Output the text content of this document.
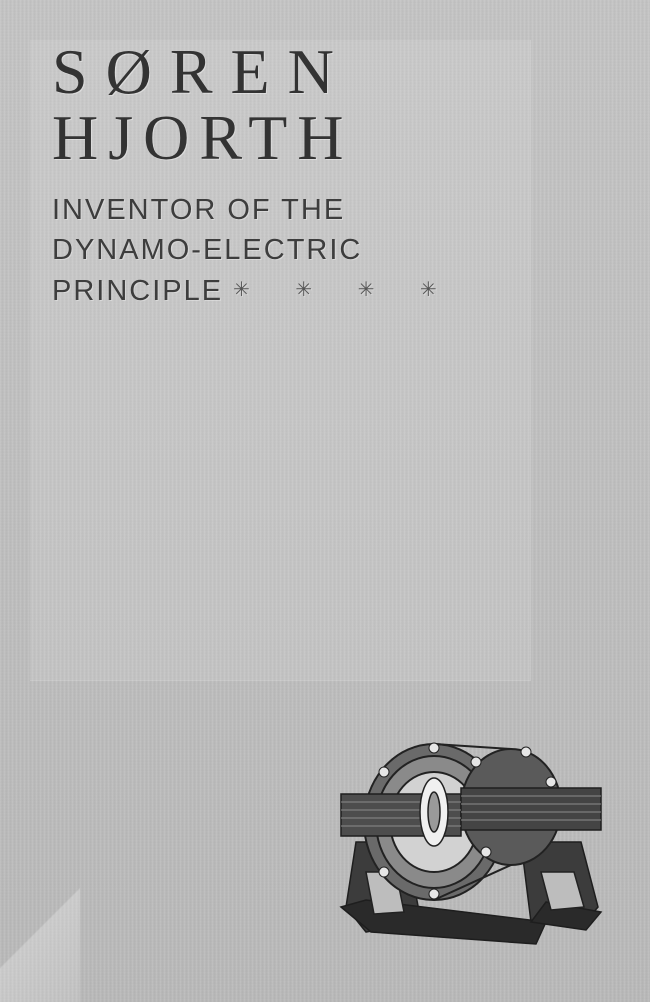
SØREN
HJORTH
INVENTOR OF THE
DYNAMO-ELECTRIC
PRINCIPLE ✳ ✳ ✳ ✳
